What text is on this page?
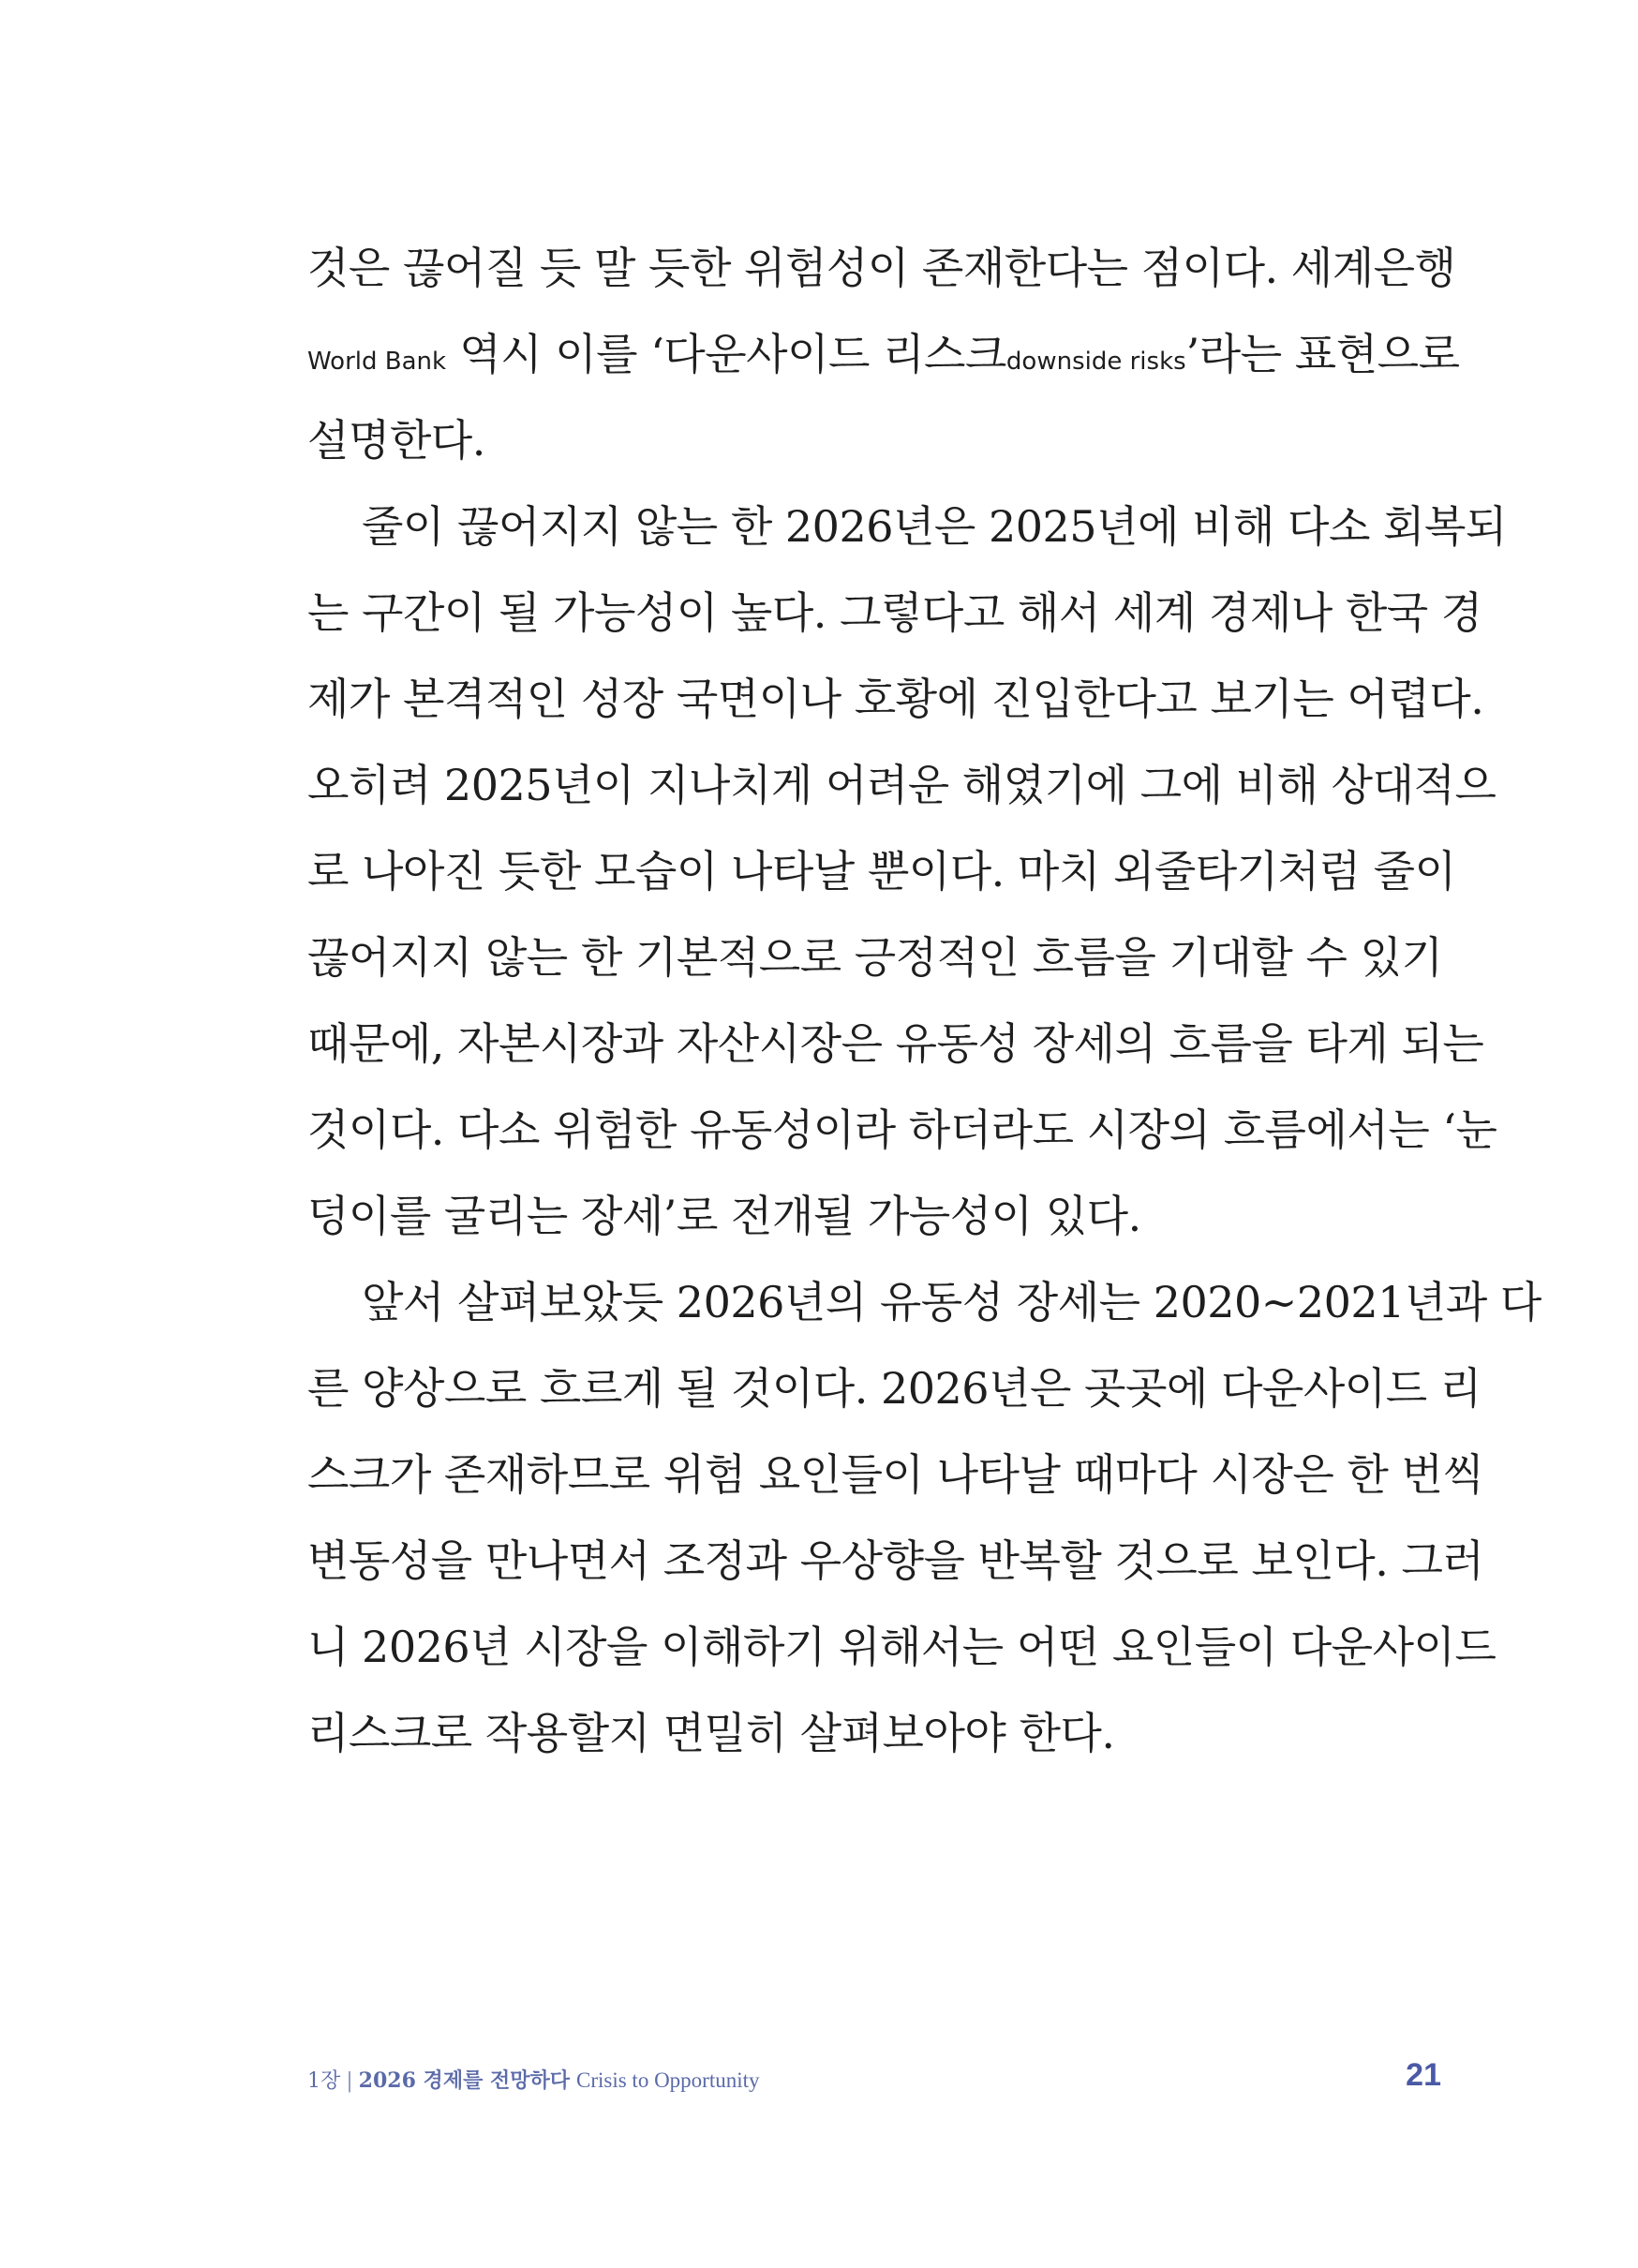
것은 끊어질 듯 말 듯한 위험성이 존재한다는 점이다. 세계은행
World Bank 역시 이를 ‘다운사이드 리스크downside risks’라는 표현으로
설명한다.
줄이 끊어지지 않는 한 2026년은 2025년에 비해 다소 회복되
는 구간이 될 가능성이 높다. 그렇다고 해서 세계 경제나 한국 경
제가 본격적인 성장 국면이나 호황에 진입한다고 보기는 어렵다.
오히려 2025년이 지나치게 어려운 해였기에 그에 비해 상대적으
로 나아진 듯한 모습이 나타날 뿐이다. 마치 외줄타기처럼 줄이
끊어지지 않는 한 기본적으로 긍정적인 흐름을 기대할 수 있기
때문에, 자본시장과 자산시장은 유동성 장세의 흐름을 타게 되는
것이다. 다소 위험한 유동성이라 하더라도 시장의 흐름에서는 ‘눈
덩이를 굴리는 장세’로 전개될 가능성이 있다.
앞서 살펴보았듯 2026년의 유동성 장세는 2020~2021년과 다
른 양상으로 흐르게 될 것이다. 2026년은 곳곳에 다운사이드 리
스크가 존재하므로 위험 요인들이 나타날 때마다 시장은 한 번씩
변동성을 만나면서 조정과 우상향을 반복할 것으로 보인다. 그러
니 2026년 시장을 이해하기 위해서는 어떤 요인들이 다운사이드
리스크로 작용할지 면밀히 살펴보아야 한다.
1장 | 2026 경제를 전망하다 Crisis to Opportunity	21
